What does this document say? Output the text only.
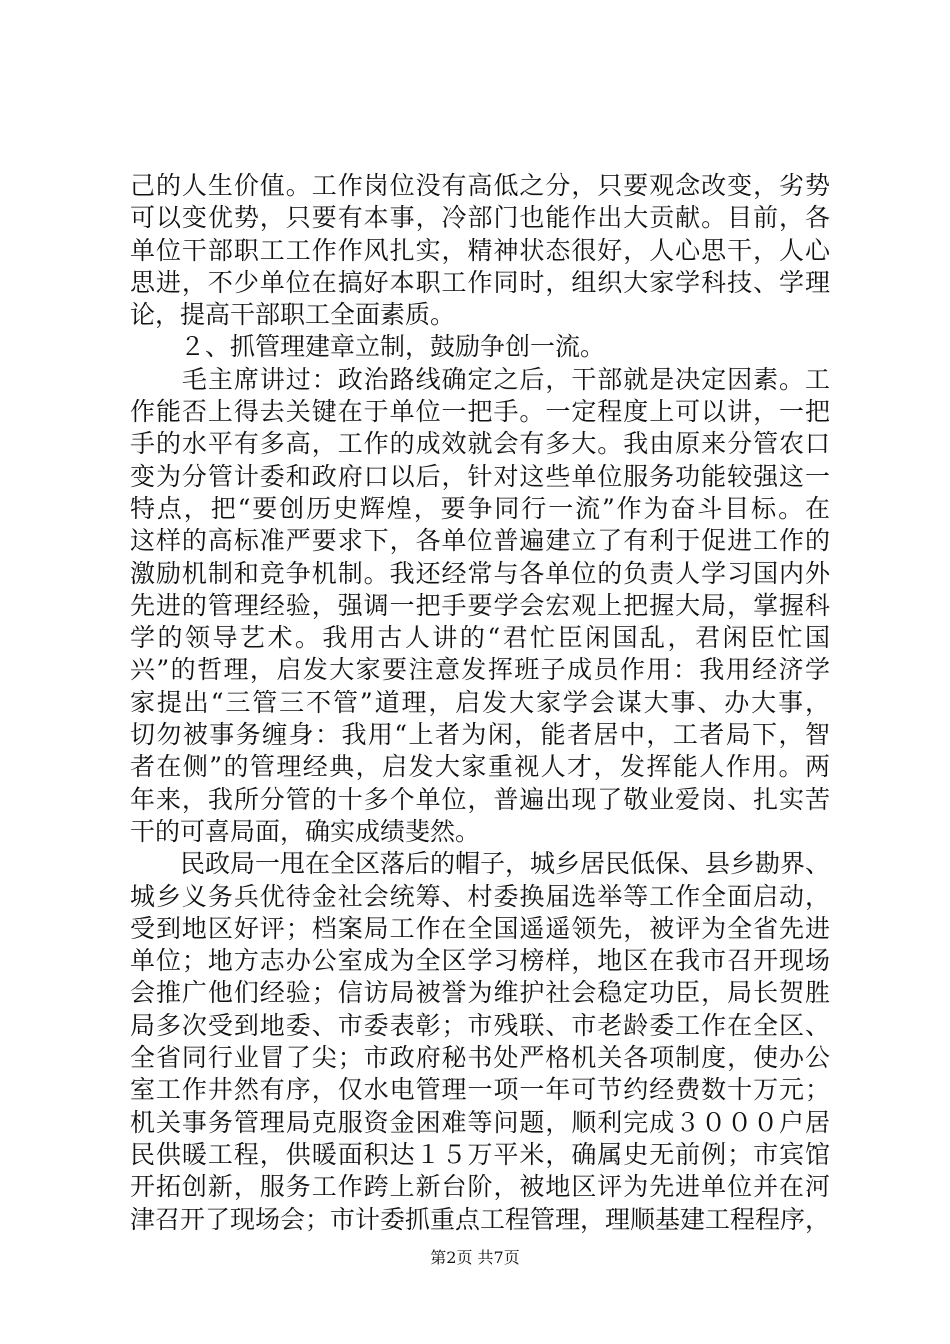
己的人生价值。工作岗位没有高低之分，只要观念改变，劣势
可以变优势，只要有本事，冷部门也能作出大贡献。目前，各
单位干部职工工作作风扎实，精神状态很好，人心思干，人心
思进，不少单位在搞好本职工作同时，组织大家学科技、学理
论，提高干部职工全面素质。
　　２、抓管理建章立制，鼓励争创一流。
　　毛主席讲过：政治路线确定之后，干部就是决定因素。工
作能否上得去关键在于单位一把手。一定程度上可以讲，一把
手的水平有多高，工作的成效就会有多大。我由原来分管农口
变为分管计委和政府口以后，针对这些单位服务功能较强这一
特点，把“要创历史辉煌，要争同行一流”作为奋斗目标。在
这样的高标准严要求下，各单位普遍建立了有利于促进工作的
激励机制和竞争机制。我还经常与各单位的负责人学习国内外
先进的管理经验，强调一把手要学会宏观上把握大局，掌握科
学的领导艺术。我用古人讲的“君忙臣闲国乱，君闲臣忙国
兴”的哲理，启发大家要注意发挥班子成员作用：我用经济学
家提出“三管三不管”道理，启发大家学会谋大事、办大事，
切勿被事务缠身：我用“上者为闲，能者居中，工者局下，智
者在侧”的管理经典，启发大家重视人才，发挥能人作用。两
年来，我所分管的十多个单位，普遍出现了敬业爱岗、扎实苦
干的可喜局面，确实成绩斐然。
　　民政局一甩在全区落后的帽子，城乡居民低保、县乡勘界、
城乡义务兵优待金社会统筹、村委换届选举等工作全面启动，
受到地区好评；档案局工作在全国遥遥领先，被评为全省先进
单位；地方志办公室成为全区学习榜样，地区在我市召开现场
会推广他们经验；信访局被誉为维护社会稳定功臣，局长贺胜
局多次受到地委、市委表彰；市残联、市老龄委工作在全区、
全省同行业冒了尖；市政府秘书处严格机关各项制度，使办公
室工作井然有序，仅水电管理一项一年可节约经费数十万元；
机关事务管理局克服资金困难等问题，顺利完成３０００户居
民供暖工程，供暖面积达１５万平米，确属史无前例；市宾馆
开拓创新，服务工作跨上新台阶，被地区评为先进单位并在河
津召开了现场会；市计委抓重点工程管理，理顺基建工程程序，
第2页 共7页
